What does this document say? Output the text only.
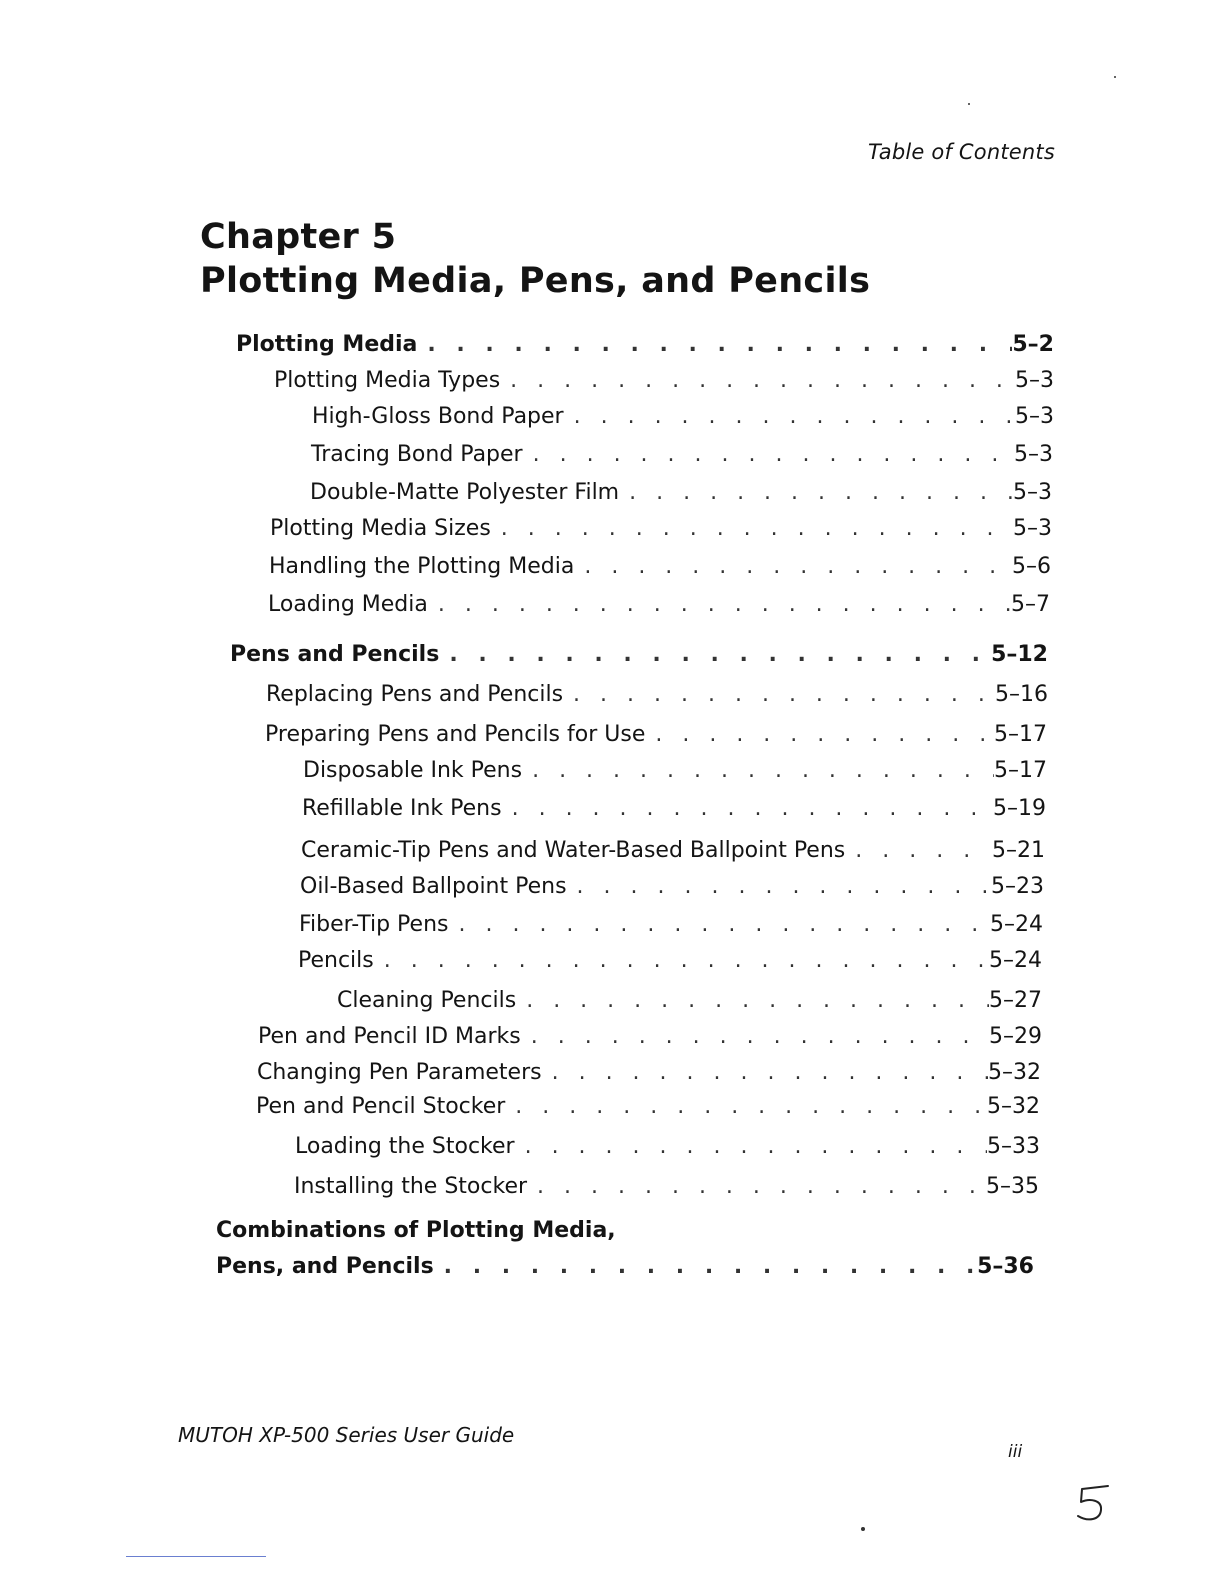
Table of Contents
Chapter 5
Plotting Media, Pens, and Pencils
Plotting Media . . .	5–2
Plotting Media Types . . .	5–3
High-Gloss Bond Paper . . .	5–3
Tracing Bond Paper . . .	5–3
Double-Matte Polyester Film . . .	5–3
Plotting Media Sizes . . .	5–3
Handling the Plotting Media . . .	5–6
Loading Media . . .	5–7
Pens and Pencils . . .	5–12
Replacing Pens and Pencils . . .	5–16
Preparing Pens and Pencils for Use . . .	5–17
Disposable Ink Pens . . .	5–17
Refillable Ink Pens . . .	5–19
Ceramic-Tip Pens and Water-Based Ballpoint Pens . . .	5–21
Oil-Based Ballpoint Pens . . .	5–23
Fiber-Tip Pens . . .	5–24
Pencils . . .	5–24
Cleaning Pencils . . .	5–27
Pen and Pencil ID Marks . . .	5–29
Changing Pen Parameters . . .	5–32
Pen and Pencil Stocker . . .	5–32
Loading the Stocker . . .	5–33
Installing the Stocker . . .	5–35
Combinations of Plotting Media,
Pens, and Pencils . . .	5–36
MUTOH XP-500 Series User Guide
iii
